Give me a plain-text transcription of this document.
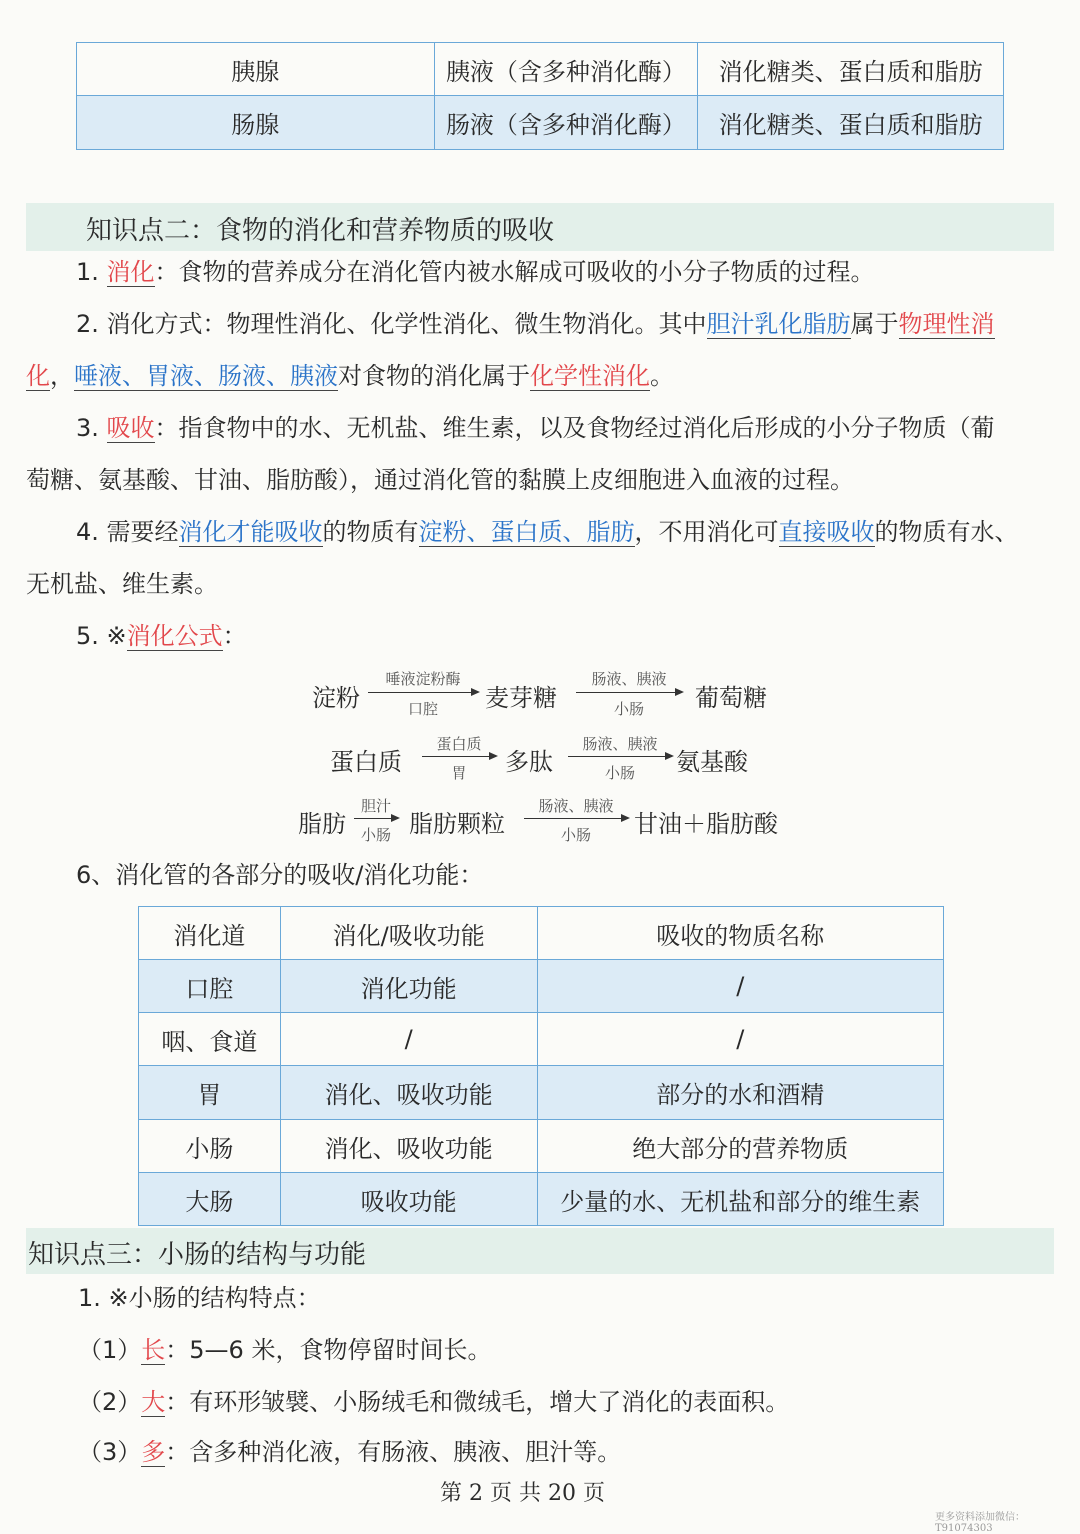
胰腺	胰液（含多种消化酶）	消化糖类、蛋白质和脂肪
肠腺	肠液（含多种消化酶）	消化糖类、蛋白质和脂肪
知识点二：食物的消化和营养物质的吸收
1. 消化：食物的营养成分在消化管内被水解成可吸收的小分子物质的过程。
2. 消化方式：物理性消化、化学性消化、微生物消化。其中胆汁乳化脂肪属于物理性消
化，唾液、胃液、肠液、胰液对食物的消化属于化学性消化。
3. 吸收：指食物中的水、无机盐、维生素，以及食物经过消化后形成的小分子物质（葡
萄糖、氨基酸、甘油、脂肪酸），通过消化管的黏膜上皮细胞进入血液的过程。
4. 需要经消化才能吸收的物质有淀粉、蛋白质、脂肪，不用消化可直接吸收的物质有水、
无机盐、维生素。
5. ※消化公式：
淀粉
唾液淀粉酶
口腔	麦芽糖
肠液、胰液
小肠	葡萄糖
蛋白质
蛋白质
胃	多肽
肠液、胰液
小肠	氨基酸
脂肪
胆汁
小肠 脂肪颗粒
肠液、胰液
小肠	甘油＋脂肪酸
6、消化管的各部分的吸收/消化功能：
消化道	消化/吸收功能	吸收的物质名称
口腔	消化功能	/
咽、食道	/	/
胃	消化、吸收功能	部分的水和酒精
小肠	消化、吸收功能	绝大部分的营养物质
大肠	吸收功能	少量的水、无机盐和部分的维生素
知识点三：小肠的结构与功能
1. ※小肠的结构特点：
（1）长：5—6 米，食物停留时间长。
（2）大：有环形皱襞、小肠绒毛和微绒毛，增大了消化的表面积。
（3）多：含多种消化液，有肠液、胰液、胆汁等。
第 2 页 共 20 页
更多资料添加微信：T91074303
